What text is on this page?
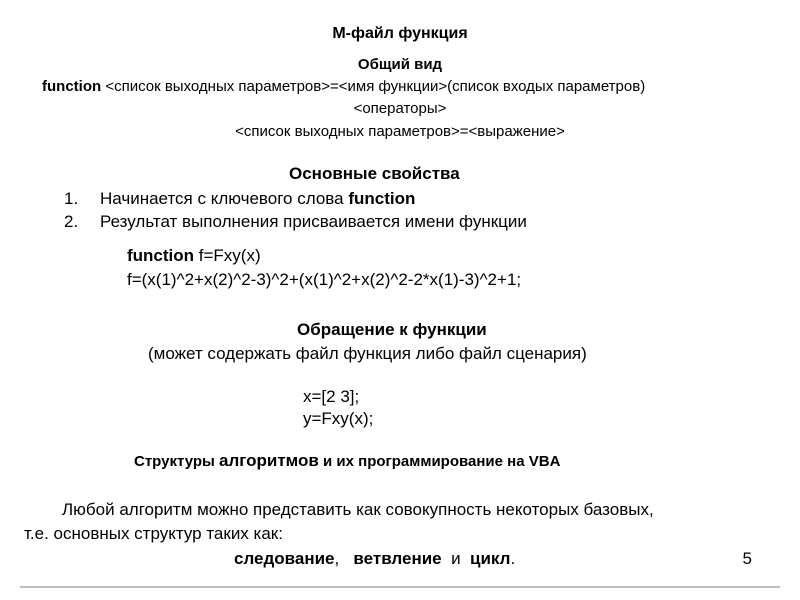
М-файл функция
Общий вид
function <список выходных параметров>=<имя функции>(список входых параметров)
<операторы>
<список выходных параметров>=<выражение>
Основные свойства
1. Начинается с ключевого слова function
2. Результат выполнения присваивается имени функции
function f=Fxy(x)
f=(x(1)^2+x(2)^2-3)^2+(x(1)^2+x(2)^2-2*x(1)-3)^2+1;
Обращение к функции
(может содержать файл функция либо файл сценария)
x=[2 3];
y=Fxy(x);
Структуры алгоритмов и их программирование на VBA
Любой алгоритм можно представить как совокупность некоторых базовых,
т.е. основных структур таких как:
следование,   ветвление  и  цикл.	5
